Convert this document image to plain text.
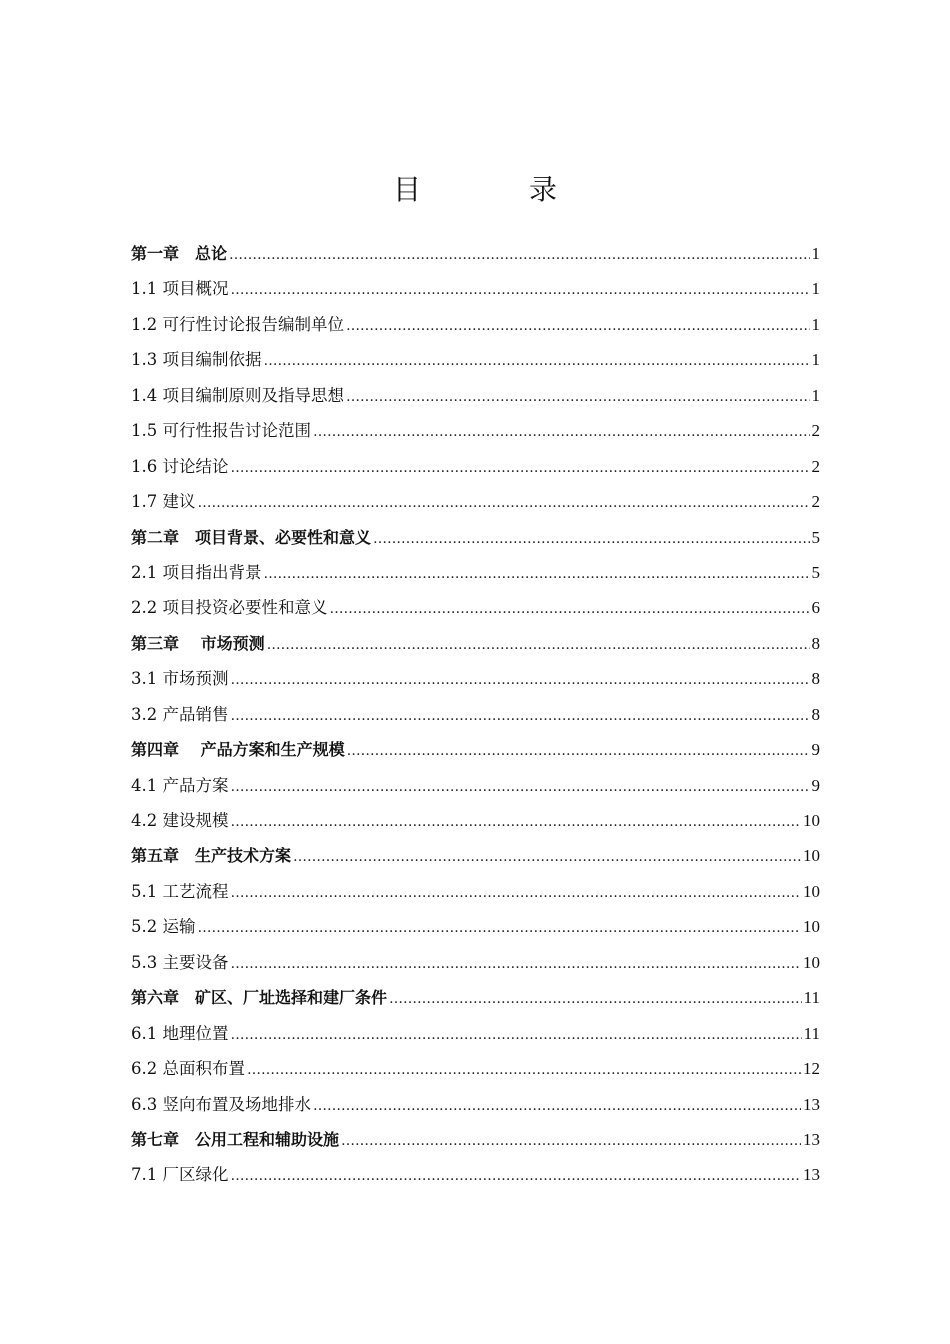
目　录
第一章　总论 ……………………………………………………………………………………………………………………………………………………………………………………………………	1
1.1 项目概况 ……………………………………………………………………………………………………………………………………………………………………………………………………	1
1.2 可行性讨论报告编制单位 ……………………………………………………………………………………………………………………………………………………………………………………………………	1
1.3 项目编制依据 ……………………………………………………………………………………………………………………………………………………………………………………………………	1
1.4 项目编制原则及指导思想 ……………………………………………………………………………………………………………………………………………………………………………………………………	1
1.5 可行性报告讨论范围 ……………………………………………………………………………………………………………………………………………………………………………………………………	2
1.6 讨论结论 ……………………………………………………………………………………………………………………………………………………………………………………………………	2
1.7 建议 ……………………………………………………………………………………………………………………………………………………………………………………………………	2
第二章　项目背景、必要性和意义 ……………………………………………………………………………………………………………………………………………………………………………………………………	5
2.1 项目指出背景 ……………………………………………………………………………………………………………………………………………………………………………………………………	5
2.2 项目投资必要性和意义 ……………………………………………………………………………………………………………………………………………………………………………………………………	6
第三章　 市场预测 ……………………………………………………………………………………………………………………………………………………………………………………………………	8
3.1 市场预测 ……………………………………………………………………………………………………………………………………………………………………………………………………	8
3.2 产品销售 ……………………………………………………………………………………………………………………………………………………………………………………………………	8
第四章　 产品方案和生产规模 ……………………………………………………………………………………………………………………………………………………………………………………………………	9
4.1 产品方案 ……………………………………………………………………………………………………………………………………………………………………………………………………	9
4.2 建设规模 ……………………………………………………………………………………………………………………………………………………………………………………………………	10
第五章　生产技术方案 ……………………………………………………………………………………………………………………………………………………………………………………………………	10
5.1 工艺流程 ……………………………………………………………………………………………………………………………………………………………………………………………………	10
5.2 运输 ……………………………………………………………………………………………………………………………………………………………………………………………………	10
5.3 主要设备 ……………………………………………………………………………………………………………………………………………………………………………………………………	10
第六章　矿区、厂址选择和建厂条件 ……………………………………………………………………………………………………………………………………………………………………………………………………	11
6.1 地理位置 ……………………………………………………………………………………………………………………………………………………………………………………………………	11
6.2 总面积布置 ……………………………………………………………………………………………………………………………………………………………………………………………………	12
6.3 竖向布置及场地排水 ……………………………………………………………………………………………………………………………………………………………………………………………………	13
第七章　公用工程和辅助设施 ……………………………………………………………………………………………………………………………………………………………………………………………………	13
7.1 厂区绿化 ……………………………………………………………………………………………………………………………………………………………………………………………………	13
